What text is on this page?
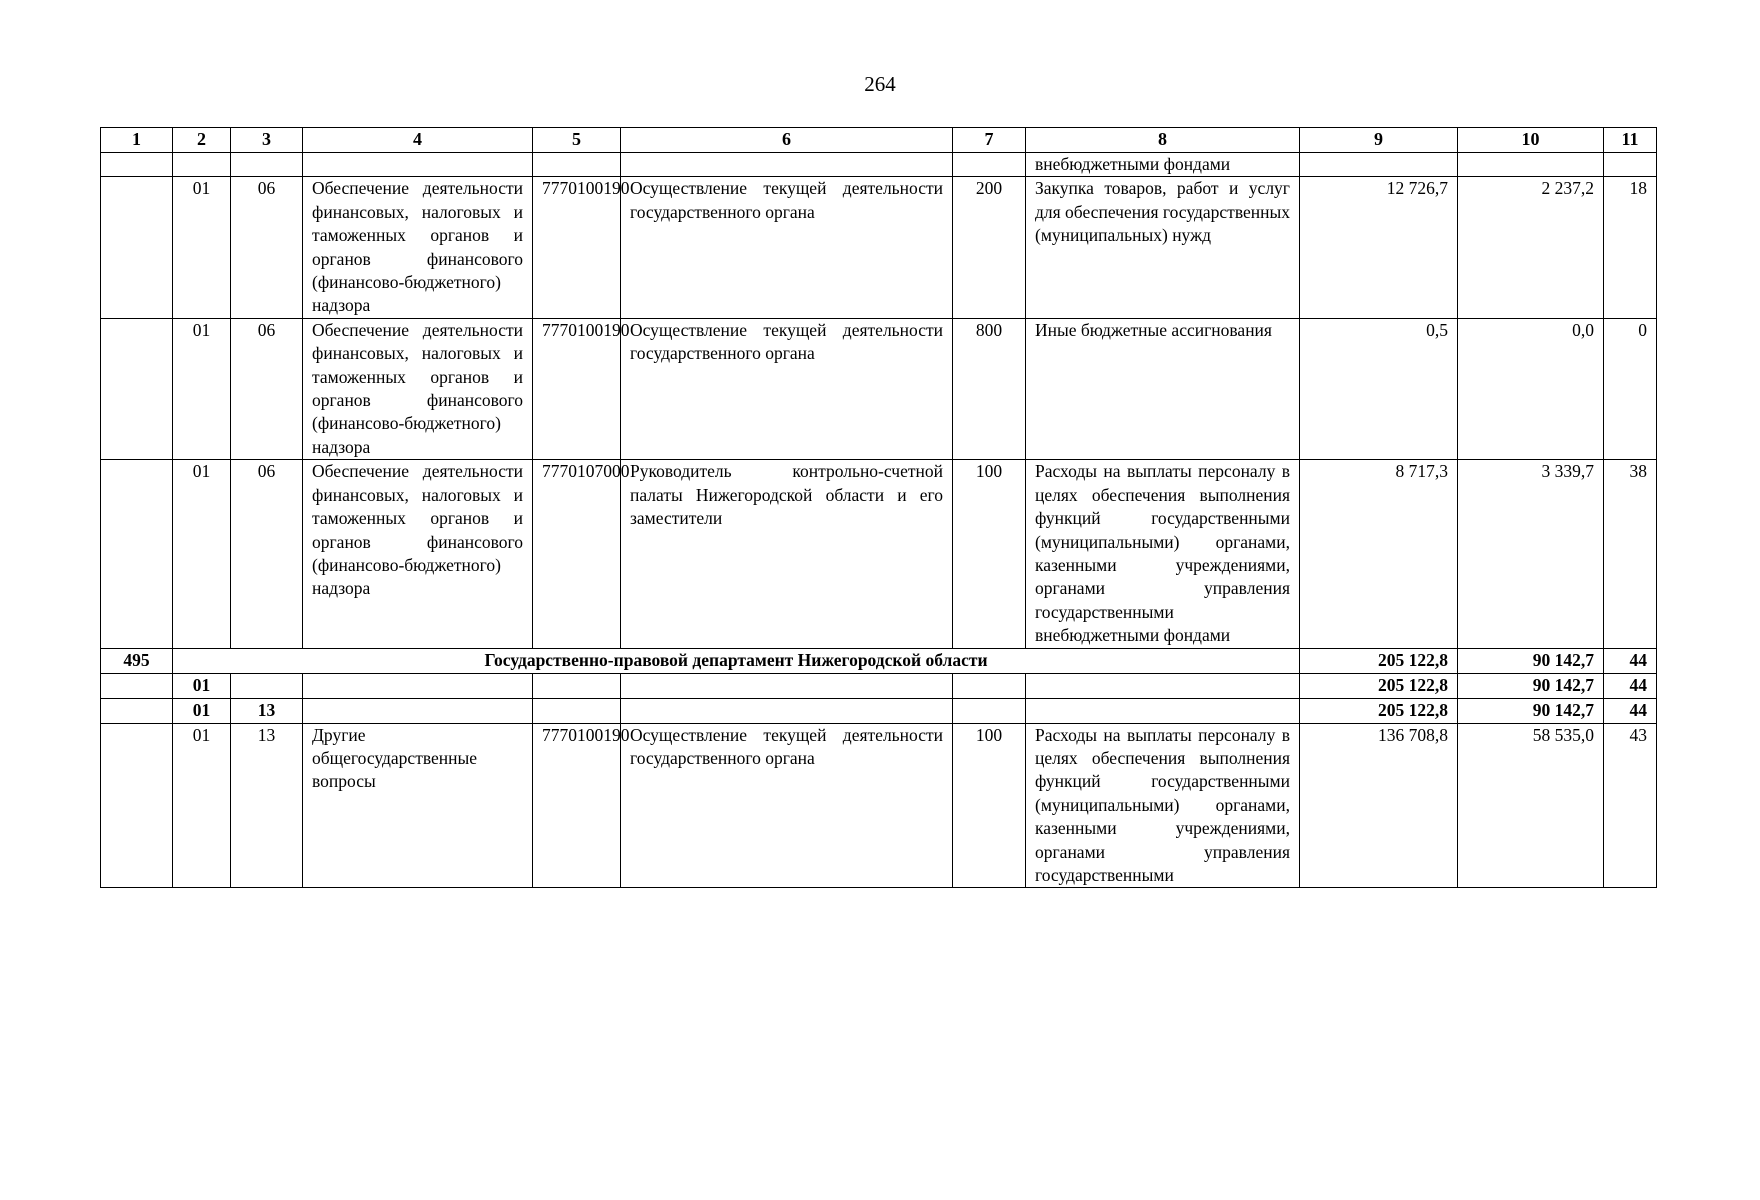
264
1	2	3	4	5	6	7	8	9	10	11
							внебюджетными фондами			
	01	06	Обеспечение деятельности финансовых, налоговых и таможенных органов и органов финансового (финансово-бюджетного) надзора	7770100190	Осуществление текущей деятельности государственного органа	200	Закупка товаров, работ и услуг для обеспечения государственных (муниципальных) нужд	12 726,7	2 237,2	18
	01	06	Обеспечение деятельности финансовых, налоговых и таможенных органов и органов финансового (финансово-бюджетного) надзора	7770100190	Осуществление текущей деятельности государственного органа	800	Иные бюджетные ассигнования	0,5	0,0	0
	01	06	Обеспечение деятельности финансовых, налоговых и таможенных органов и органов финансового (финансово-бюджетного) надзора	7770107000	Руководитель контрольно-счетной палаты Нижегородской области и его заместители	100	Расходы на выплаты персоналу в целях обеспечения выполнения функций государственными (муниципальными) органами, казенными учреждениями, органами управления государственными внебюджетными фондами	8 717,3	3 339,7	38
495	Государственно-правовой департамент Нижегородской области							205 122,8	90 142,7	44
	01							205 122,8	90 142,7	44
	01	13						205 122,8	90 142,7	44
	01	13	Другие общегосударственные вопросы	7770100190	Осуществление текущей деятельности государственного органа	100	Расходы на выплаты персоналу в целях обеспечения выполнения функций государственными (муниципальными) органами, казенными учреждениями, органами управления государственными	136 708,8	58 535,0	43
